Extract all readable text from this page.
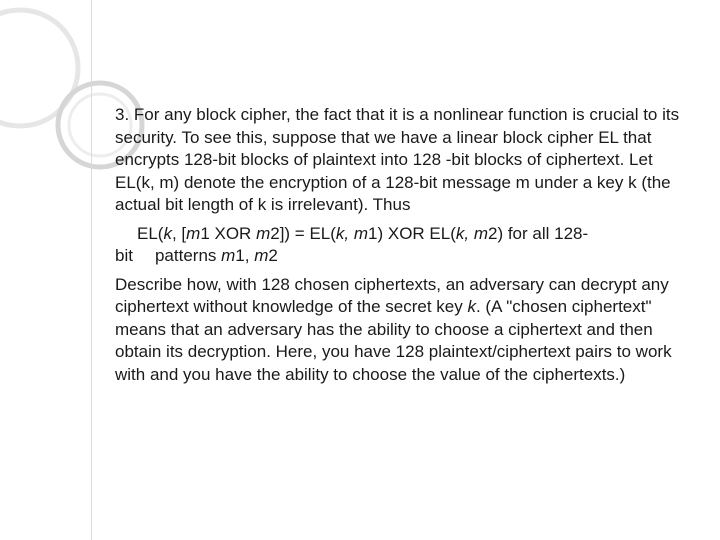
3. For any block cipher, the fact that it is a nonlinear function is crucial to its security. To see this, suppose that we have a linear block cipher EL that encrypts 128-bit blocks of plaintext into 128 -bit blocks of ciphertext. Let EL(k, m) denote the encryption of a 128-bit message m under a key k (the actual bit length of k is irrelevant). Thus

EL(k, [m1 XOR m2]) = EL(k, m1) XOR EL(k, m2) for all 128-

bit patterns m1, m2

Describe how, with 128 chosen ciphertexts, an adversary can decrypt any ciphertext without knowledge of the secret key k. (A "chosen ciphertext" means that an adversary has the ability to choose a ciphertext and then obtain its decryption. Here, you have 128 plaintext/ciphertext pairs to work with and you have the ability to choose the value of the ciphertexts.)
